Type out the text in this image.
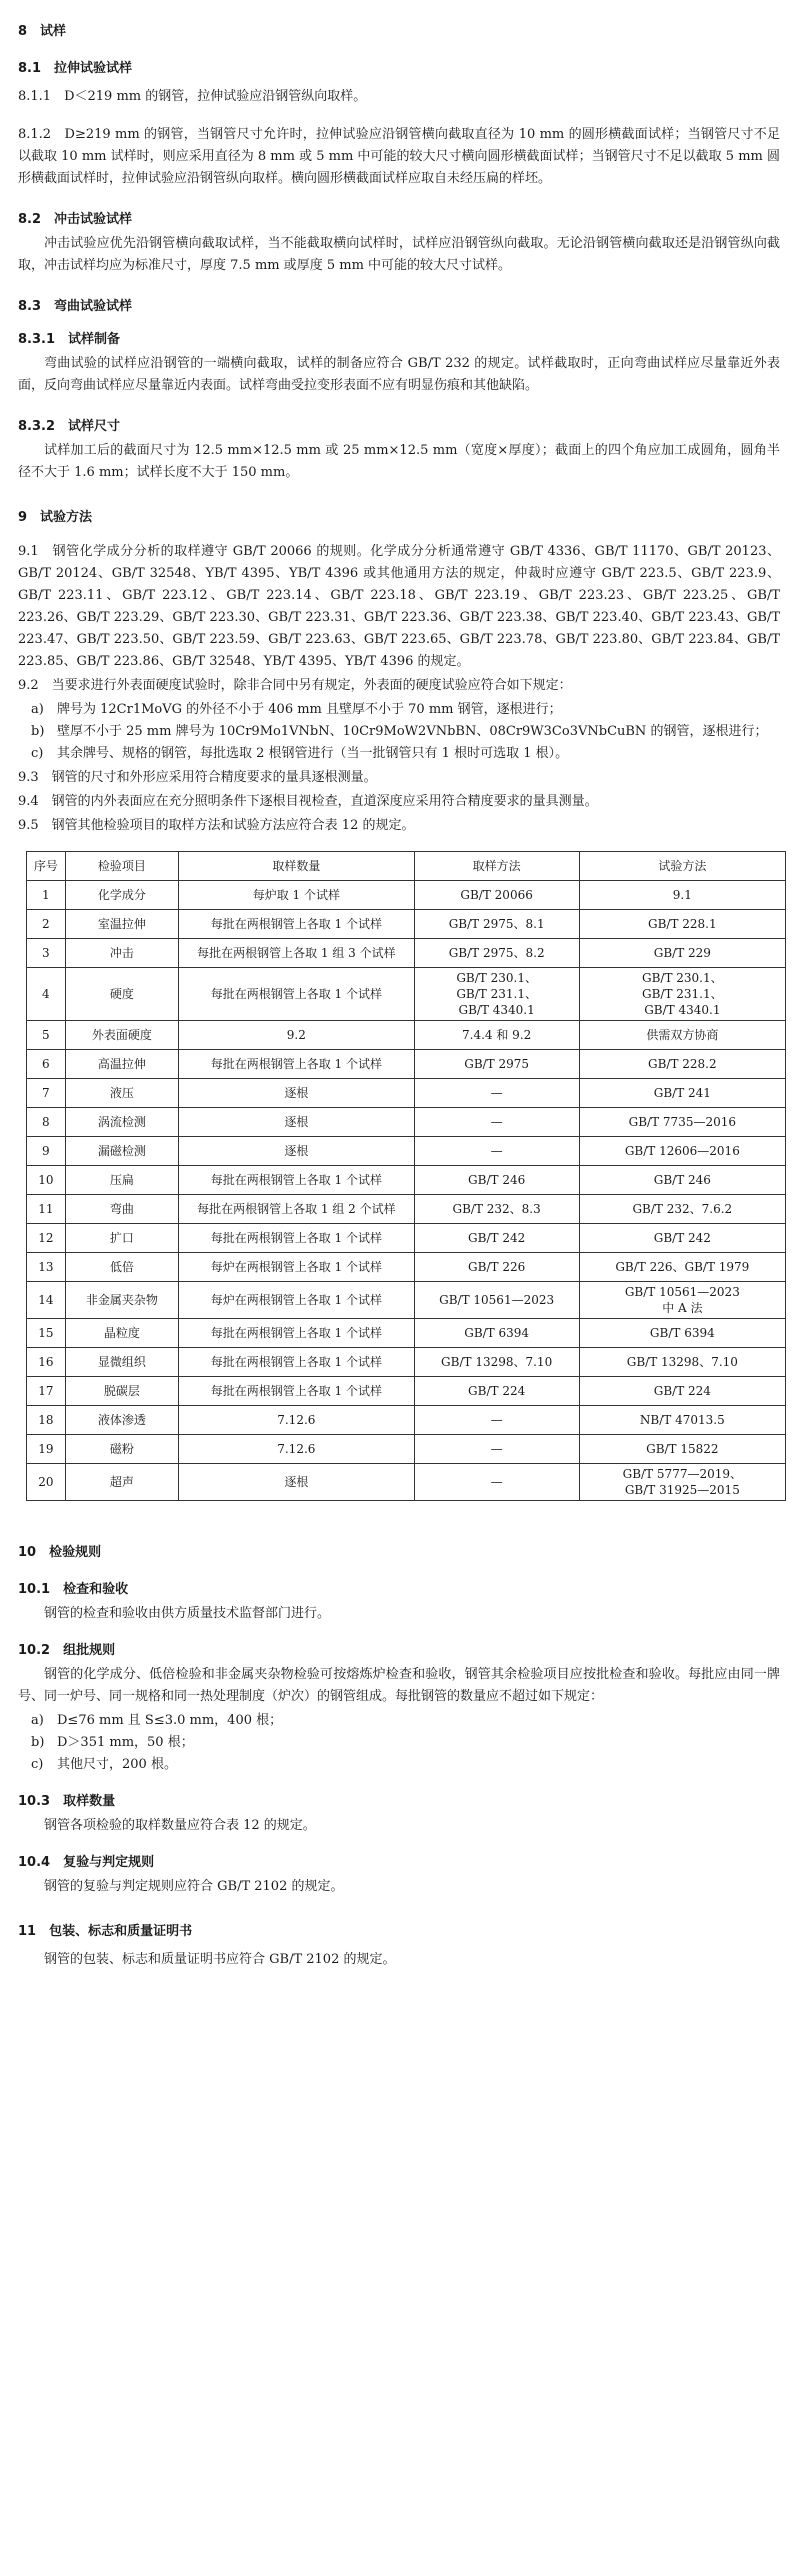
8　试样

8.1　拉伸试验试样

8.1.1　D＜219 mm 的钢管，拉伸试验应沿钢管纵向取样。

8.1.2　D≥219 mm 的钢管，当钢管尺寸允许时，拉伸试验应沿钢管横向截取直径为 10 mm 的圆形横截面试样；当钢管尺寸不足以截取 10 mm 试样时，则应采用直径为 8 mm 或 5 mm 中可能的较大尺寸横向圆形横截面试样；当钢管尺寸不足以截取 5 mm 圆形横截面试样时，拉伸试验应沿钢管纵向取样。横向圆形横截面试样应取自未经压扁的样坯。

8.2　冲击试验试样

冲击试验应优先沿钢管横向截取试样，当不能截取横向试样时，试样应沿钢管纵向截取。无论沿钢管横向截取还是沿钢管纵向截取，冲击试样均应为标准尺寸，厚度 7.5 mm 或厚度 5 mm 中可能的较大尺寸试样。

8.3　弯曲试验试样

8.3.1　试样制备

弯曲试验的试样应沿钢管的一端横向截取，试样的制备应符合 GB/T 232 的规定。试样截取时，正向弯曲试样应尽量靠近外表面，反向弯曲试样应尽量靠近内表面。试样弯曲受拉变形表面不应有明显伤痕和其他缺陷。

8.3.2　试样尺寸

试样加工后的截面尺寸为 12.5 mm×12.5 mm 或 25 mm×12.5 mm（宽度×厚度）；截面上的四个角应加工成圆角，圆角半径不大于 1.6 mm；试样长度不大于 150 mm。

9　试验方法

9.1　钢管化学成分分析的取样遵守 GB/T 20066 的规则。化学成分分析通常遵守 GB/T 4336、GB/T 11170、GB/T 20123、GB/T 20124、GB/T 32548、YB/T 4395、YB/T 4396 或其他通用方法的规定，仲裁时应遵守 GB/T 223.5、GB/T 223.9、GB/T 223.11、GB/T 223.12、GB/T 223.14、GB/T 223.18、GB/T 223.19、GB/T 223.23、GB/T 223.25、GB/T 223.26、GB/T 223.29、GB/T 223.30、GB/T 223.31、GB/T 223.36、GB/T 223.38、GB/T 223.40、GB/T 223.43、GB/T 223.47、GB/T 223.50、GB/T 223.59、GB/T 223.63、GB/T 223.65、GB/T 223.78、GB/T 223.80、GB/T 223.84、GB/T 223.85、GB/T 223.86、GB/T 32548、YB/T 4395、YB/T 4396 的规定。

9.2　当要求进行外表面硬度试验时，除非合同中另有规定，外表面的硬度试验应符合如下规定：

a) 牌号为 12Cr1MoVG 的外径不小于 406 mm 且壁厚不小于 70 mm 钢管，逐根进行；
b) 壁厚不小于 25 mm 牌号为 10Cr9Mo1VNbN、10Cr9MoW2VNbBN、08Cr9W3Co3VNbCuBN 的钢管，逐根进行；
c) 其余牌号、规格的钢管，每批选取 2 根钢管进行（当一批钢管只有 1 根时可选取 1 根）。

9.3　钢管的尺寸和外形应采用符合精度要求的量具逐根测量。

9.4　钢管的内外表面应在充分照明条件下逐根目视检查，直道深度应采用符合精度要求的量具测量。

9.5　钢管其他检验项目的取样方法和试验方法应符合表 12 的规定。

序号	检验项目	取样数量	取样方法	试验方法
1	化学成分	每炉取 1 个试样	GB/T 20066	9.1
2	室温拉伸	每批在两根钢管上各取 1 个试样	GB/T 2975、8.1	GB/T 228.1
3	冲击	每批在两根钢管上各取 1 组 3 个试样	GB/T 2975、8.2	GB/T 229
4	硬度	每批在两根钢管上各取 1 个试样	GB/T 230.1、
GB/T 231.1、
GB/T 4340.1	GB/T 230.1、
GB/T 231.1、
GB/T 4340.1
5	外表面硬度	9.2	7.4.4 和 9.2	供需双方协商
6	高温拉伸	每批在两根钢管上各取 1 个试样	GB/T 2975	GB/T 228.2
7	液压	逐根	—	GB/T 241
8	涡流检测	逐根	—	GB/T 7735—2016
9	漏磁检测	逐根	—	GB/T 12606—2016
10	压扁	每批在两根钢管上各取 1 个试样	GB/T 246	GB/T 246
11	弯曲	每批在两根钢管上各取 1 组 2 个试样	GB/T 232、8.3	GB/T 232、7.6.2
12	扩口	每批在两根钢管上各取 1 个试样	GB/T 242	GB/T 242
13	低倍	每炉在两根钢管上各取 1 个试样	GB/T 226	GB/T 226、GB/T 1979
14	非金属夹杂物	每炉在两根钢管上各取 1 个试样	GB/T 10561—2023	GB/T 10561—2023
中 A 法
15	晶粒度	每批在两根钢管上各取 1 个试样	GB/T 6394	GB/T 6394
16	显微组织	每批在两根钢管上各取 1 个试样	GB/T 13298、7.10	GB/T 13298、7.10
17	脱碳层	每批在两根钢管上各取 1 个试样	GB/T 224	GB/T 224
18	液体渗透	7.12.6	—	NB/T 47013.5
19	磁粉	7.12.6	—	GB/T 15822
20	超声	逐根	—	GB/T 5777—2019、
GB/T 31925—2015

10　检验规则

10.1　检查和验收

钢管的检查和验收由供方质量技术监督部门进行。

10.2　组批规则

钢管的化学成分、低倍检验和非金属夹杂物检验可按熔炼炉检查和验收，钢管其余检验项目应按批检查和验收。每批应由同一牌号、同一炉号、同一规格和同一热处理制度（炉次）的钢管组成。每批钢管的数量应不超过如下规定：

a) D≤76 mm 且 S≤3.0 mm，400 根；
b) D＞351 mm，50 根；
c) 其他尺寸，200 根。

10.3　取样数量

钢管各项检验的取样数量应符合表 12 的规定。

10.4　复验与判定规则

钢管的复验与判定规则应符合 GB/T 2102 的规定。

11　包装、标志和质量证明书

钢管的包装、标志和质量证明书应符合 GB/T 2102 的规定。
